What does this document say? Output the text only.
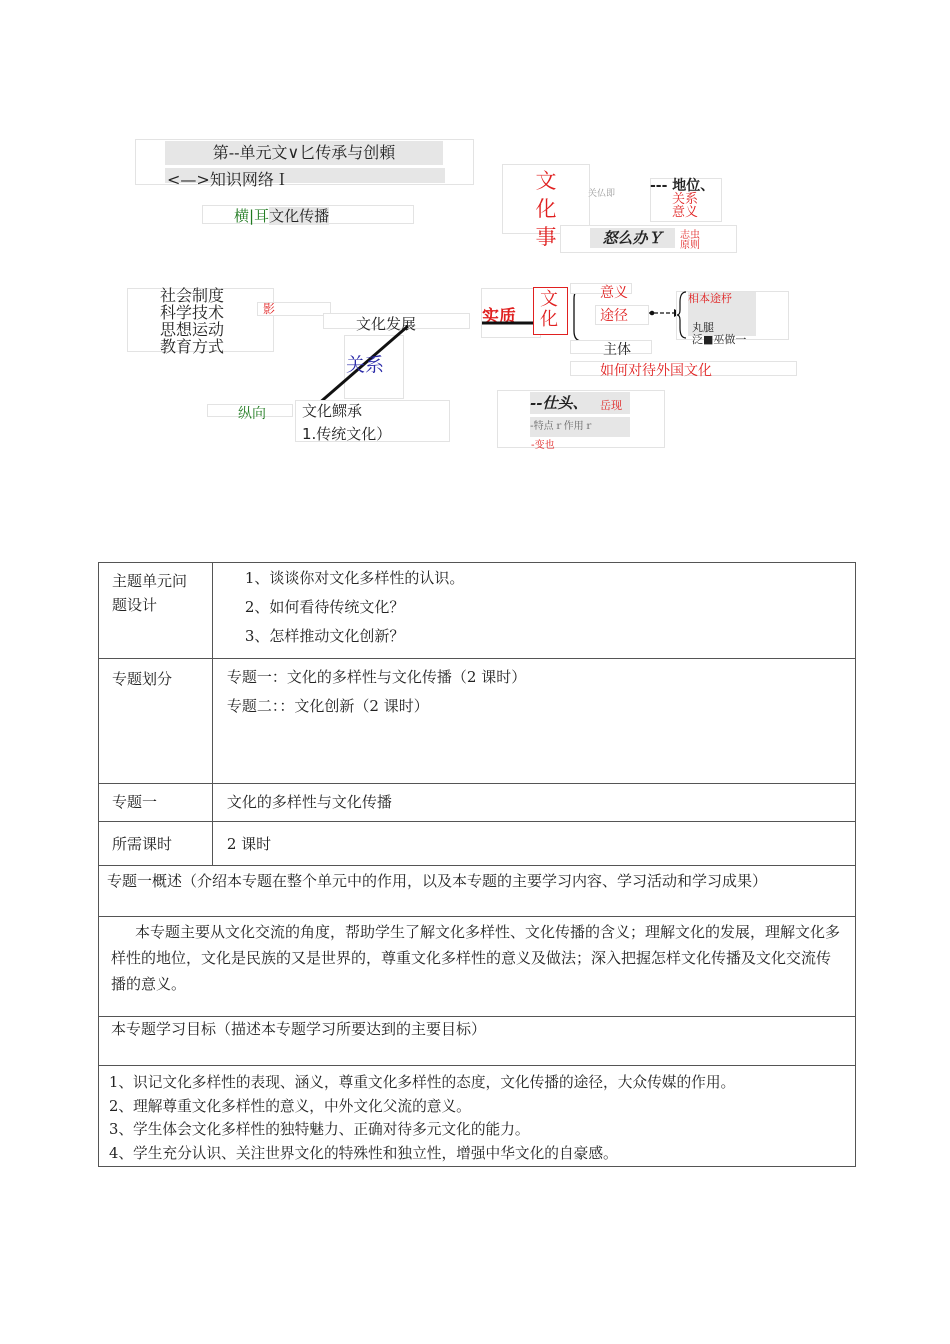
第--单元文∨匕传承与创頼
<—>知识网络Ｉ
横|耳文化传播
文化事
关仏即 --- 地位、
关系
意义
怒么办Ｙ	志虫原则
社会制度
科学技术
思想运动
教育方式
影
文化发展
关系
纵向 文化鳏承
1.传统文化）
实质
文化
意义
途径
主体
相本途杼
丸腿
泛■巫做一
如何对待外国文化
--仕头、	岳现
-特点ｒ作用ｒ
-变也
主题单元问题设计	1、谈谈你对文化多样性的认识。
2、如何看待传统文化？
3、怎样推动文化创新？

专题划分	专题一：文化的多样性与文化传播（2 课时）
专题二：：文化创新（2 课时）

专题一	文化的多样性与文化传播

所需课时	2 课时

专题一概述（介绍本专题在整个单元中的作用，以及本专题的主要学习内容、学习活动和学习成果）	

本专题主要从文化交流的角度，帮助学生了解文化多样性、文化传播的含义；理解文化的发展，理解文化多样性的地位，文化是民族的又是世界的，尊重文化多样性的意义及做法；深入把握怎样文化传播及文化交流传播的意义。	

本专题学习目标（描述本专题学习所要达到的主要目标）	

1、识记文化多样性的表现、涵义，尊重文化多样性的态度，文化传播的途径，大众传媒的作用。
2、理解尊重文化多样性的意义，中外文化父流的意义。
3、学生体会文化多样性的独特魅力、正确对待多元文化的能力。
4、学生充分认识、关注世界文化的特殊性和独立性，增强中华文化的自豪感。	
